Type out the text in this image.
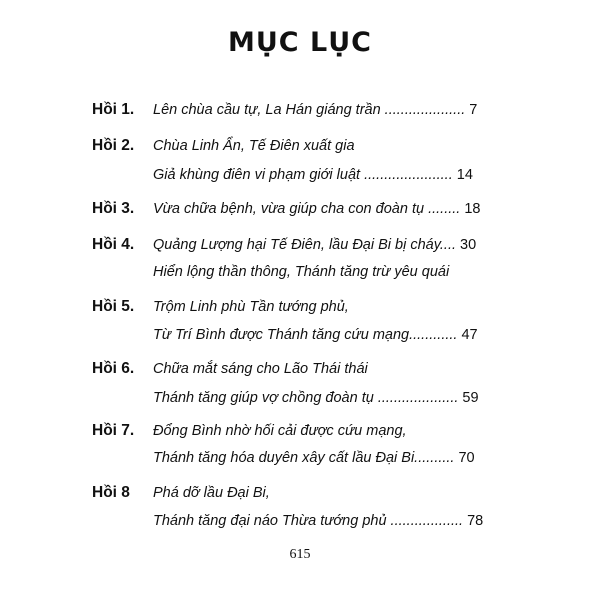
MỤC LỤC
Hồi 1. Lên chùa cầu tự, La Hán giáng trần .................... 7
Hồi 2. Chùa Linh Ẩn, Tế Điên xuất gia
Giả khùng điên vi phạm giới luật ...................... 14
Hồi 3. Vừa chữa bệnh, vừa giúp cha con đoàn tụ ........ 18
Hồi 4. Quảng Lượng hại Tế Điên, lầu Đại Bi bị cháy.... 30
Hiển lộng thần thông, Thánh tăng trừ yêu quái
Hồi 5. Trộm Linh phù Tần tướng phủ,
Từ Trí Bình được Thánh tăng cứu mạng............ 47
Hồi 6. Chữa mắt sáng cho Lão Thái thái
Thánh tăng giúp vợ chồng đoàn tụ .................... 59
Hồi 7. Đổng Bình nhờ hối cải được cứu mạng,
Thánh tăng hóa duyên xây cất lầu Đại Bi.......... 70
Hồi 8 Phá dỡ lầu Đại Bi,
Thánh tăng đại náo Thừa tướng phủ .................. 78
615
